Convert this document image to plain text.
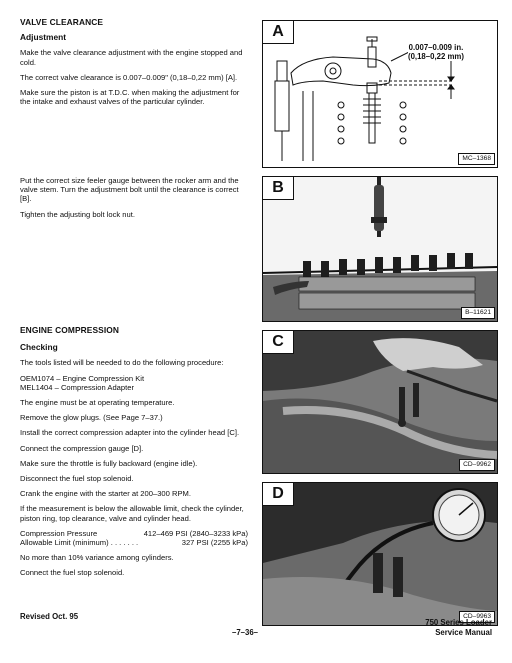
VALVE CLEARANCE

Adjustment

Make the valve clearance adjustment with the engine stopped and cold.

The correct valve clearance is 0.007–0.009" (0,18–0,22 mm) [A].

Make sure the piston is at T.D.C. when making the adjustment for the intake and exhaust valves of the particular cylinder.

Put the correct size feeler gauge between the rocker arm and the valve stem. Turn the adjustment bolt until the clearance is correct [B].

Tighten the adjusting bolt lock nut.

ENGINE COMPRESSION

Checking

The tools listed will be needed to do the following procedure:

OEM1074 – Engine Compression Kit

MEL1404 – Compression Adapter

The engine must be at operating temperature.

Remove the glow plugs. (See Page 7–37.)

Install the correct compression adapter into the cylinder head [C].

Connect the compression gauge [D].

Make sure the throttle is fully backward (engine idle).

Disconnect the fuel stop solenoid.

Crank the engine with the starter at 200–300 RPM.

If the measurement is below the allowable limit, check the cylinder, piston ring, top clearance, valve and cylinder head.

Compression Pressure	412–469 PSI (2840–3233 kPa)
Allowable Limit (minimum) . . . . . . .	327 PSI (2255 kPa)

No more than 10% variance among cylinders.

Connect the fuel stop solenoid.

A
0.007–0.009 in.
(0,18–0,22 mm)
MC–1368
B
B–11621
C
CD–9962
D
CD–9963
Revised Oct. 95
–7–36–
750 Series Loader
Service Manual
